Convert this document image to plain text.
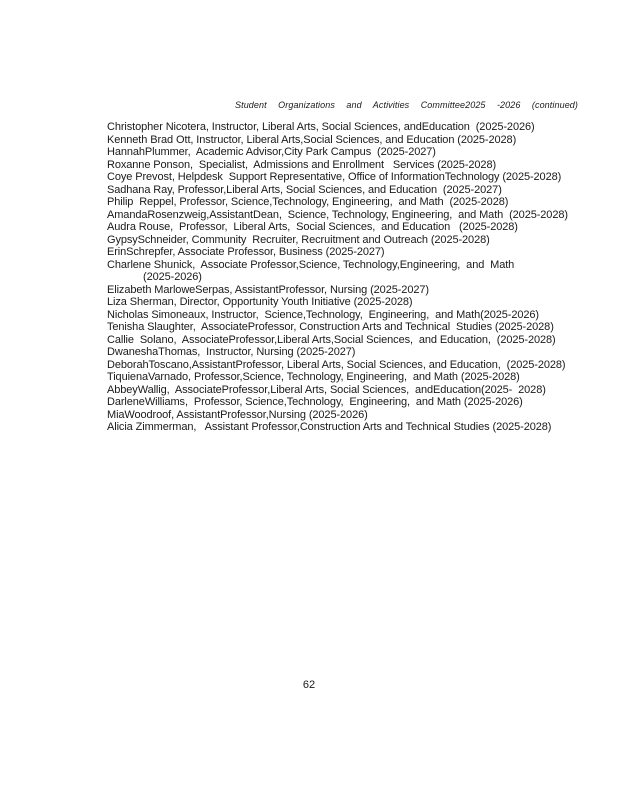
Student Organizations and Activities Committee2025 -2026 (continued)
Christopher Nicotera, Instructor, Liberal Arts, Social Sciences, andEducation  (2025-2026)
Kenneth Brad Ott, Instructor, Liberal Arts,Social Sciences, and Education (2025-2028)
HannahPlummer,  Academic Advisor,City Park Campus  (2025-2027)
Roxanne Ponson,  Specialist,  Admissions and Enrollment   Services (2025-2028)
Coye Prevost, Helpdesk  Support Representative, Office of InformationTechnology (2025-2028)
Sadhana Ray, Professor,Liberal Arts, Social Sciences, and Education  (2025-2027)
Philip  Reppel, Professor, Science,Technology, Engineering,  and Math  (2025-2028)
AmandaRosenzweig,AssistantDean,  Science, Technology, Engineering,  and Math  (2025-2028)
Audra Rouse,  Professor,  Liberal Arts,  Social Sciences,  and Education   (2025-2028)
GypsySchneider, Community  Recruiter, Recruitment and Outreach (2025-2028)
ErinSchrepfer, Associate Professor, Business (2025-2027)
Charlene Shunick,  Associate Professor,Science, Technology,Engineering,  and  Math
(2025-2026)
Elizabeth MarloweSerpas, AssistantProfessor, Nursing (2025-2027)
Liza Sherman, Director, Opportunity Youth Initiative (2025-2028)
Nicholas Simoneaux, Instructor,  Science,Technology,  Engineering,  and Math(2025-2026)
Tenisha Slaughter,  AssociateProfessor, Construction Arts and Technical  Studies (2025-2028)
Callie  Solano,  AssociateProfessor,Liberal Arts,Social Sciences,  and Education,  (2025-2028)
DwaneshaThomas,  Instructor, Nursing (2025-2027)
DeborahToscano,AssistantProfessor, Liberal Arts, Social Sciences, and Education,  (2025-2028)
TiquienaVarnado, Professor,Science, Technology, Engineering,  and Math (2025-2028)
AbbeyWallig,  AssociateProfessor,Liberal Arts, Social Sciences,  andEducation(2025-  2028)
DarleneWilliams,  Professor, Science,Technology,  Engineering,  and Math (2025-2026)
MiaWoodroof, AssistantProfessor,Nursing (2025-2026)
Alicia Zimmerman,   Assistant Professor,Construction Arts and Technical Studies (2025-2028)
62
